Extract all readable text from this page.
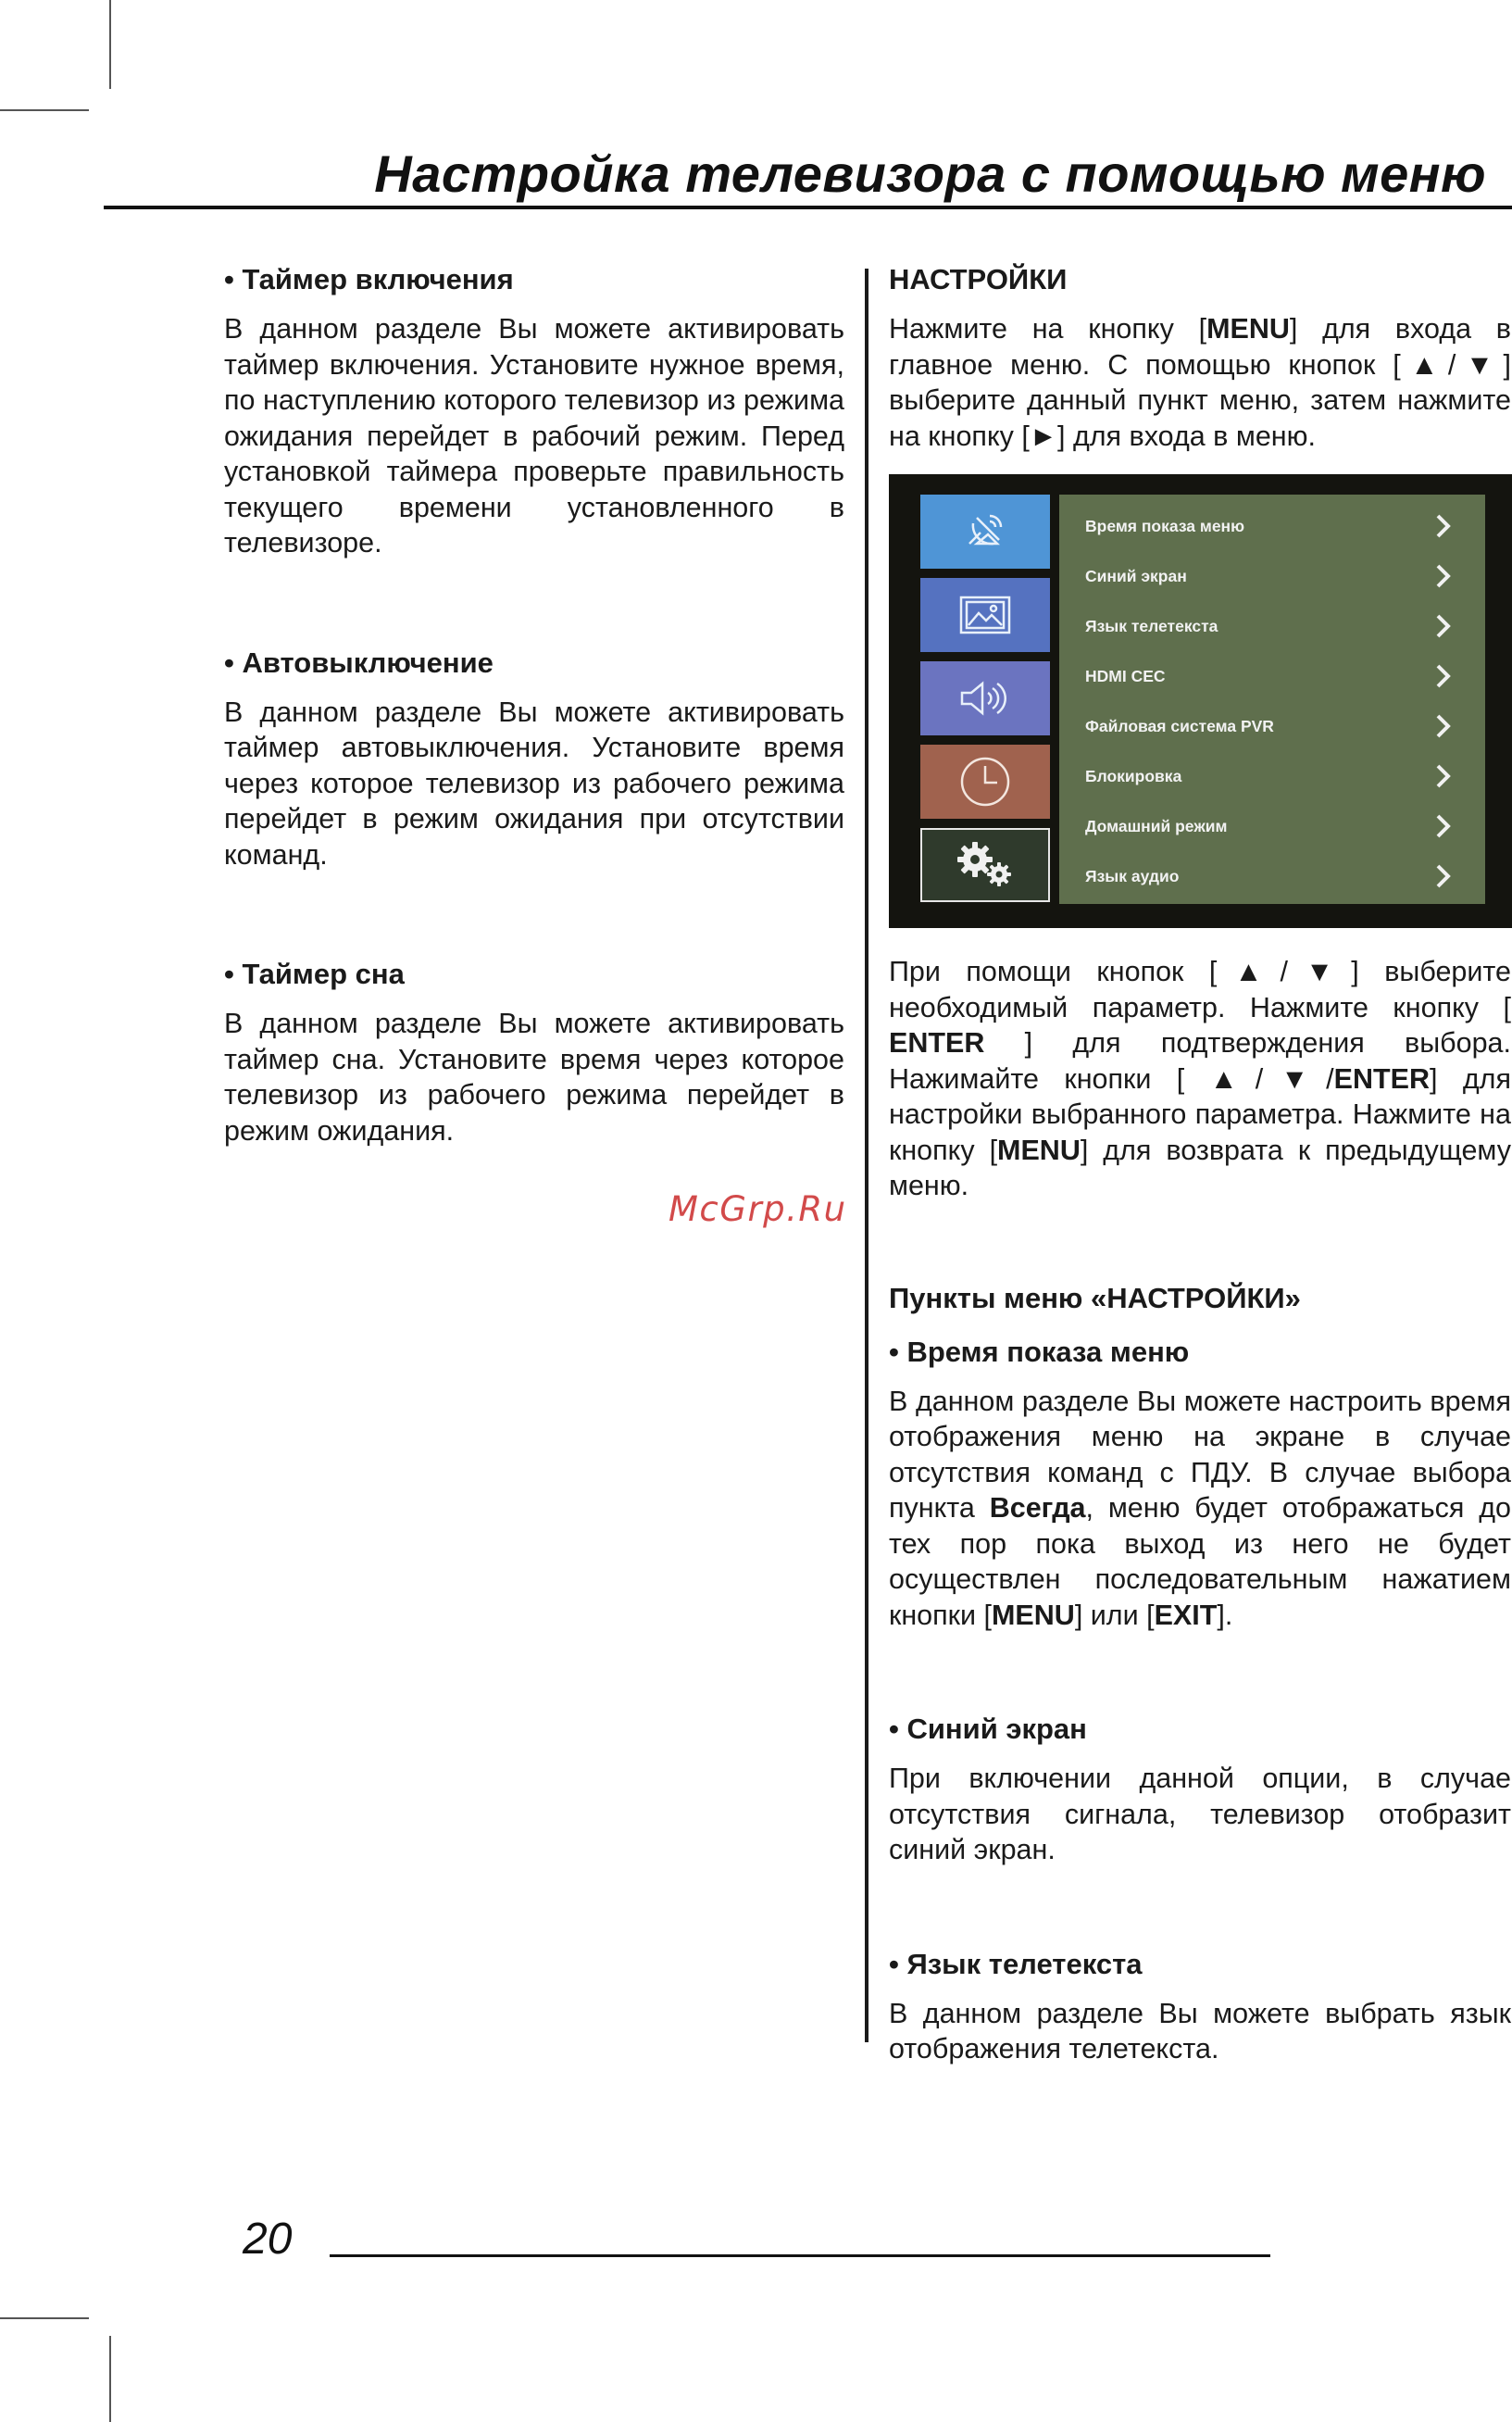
Настройка телевизора с помощью меню

• Таймер включения

В данном разделе Вы можете активировать таймер включения. Установите нужное время, по наступлению которого телевизор из режима ожидания перейдет в рабочий режим. Перед установкой таймера проверьте правильность текущего времени установленного в телевизоре.

• Автовыключение

В данном разделе Вы можете активировать таймер автовыключения. Установите время через которое телевизор из рабочего режима перейдет в режим ожидания при отсутствии команд.

• Таймер сна

В данном разделе Вы можете активировать таймер сна. Установите время через которое телевизор из рабочего режима перейдет в режим ожидания.

НАСТРОЙКИ

Нажмите на кнопку [MENU] для входа в главное меню. С помощью кнопок [▲/▼] выберите данный пункт меню, затем нажмите на кнопку [►] для входа в меню.

Время показа меню
Синий экран
Язык телетекста
HDMI CEC
Файловая система PVR
Блокировка
Домашний режим
Язык аудио

При помощи кнопок [▲/▼] выберите необходимый параметр. Нажмите кнопку [ ENTER ] для подтверждения выбора. Нажимайте кнопки [ ▲/▼/ENTER] для настройки выбранного параметра. Нажмите на кнопку [MENU] для возврата к предыдущему меню.

Пункты меню «НАСТРОЙКИ»

• Время показа меню

В данном разделе Вы можете настроить время отображения меню на экране в случае отсутствия команд с ПДУ. В случае выбора пункта Всегда, меню будет отображаться до тех пор пока выход из него не будет осуществлен последовательным нажатием кнопки [MENU] или [EXIT].

• Синий экран

При включении данной опции, в случае отсутствия сигнала, телевизор отобразит синий экран.

• Язык телетекста

В данном разделе Вы можете выбрать язык отображения телетекста.

McGrp.Ru
20
